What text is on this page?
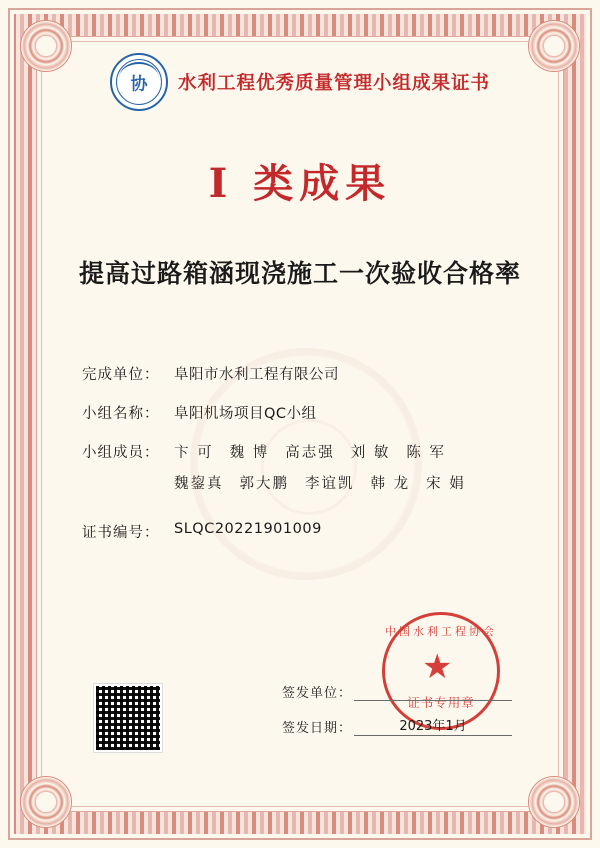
协	水利工程优秀质量管理小组成果证书
I 类成果
提高过路箱涵现浇施工一次验收合格率
完成单位：	阜阳市水利工程有限公司
小组名称：	阜阳机场项目QC小组
小组成员：	卞 可 魏 博 高志强 刘 敏 陈 军
魏鋆真 郭大鹏 李谊凯 韩 龙 宋 娟
证书编号：	SLQC20221901009
中国水利工程协会
证书专用章
签发单位：
签发日期：	2023年1月
